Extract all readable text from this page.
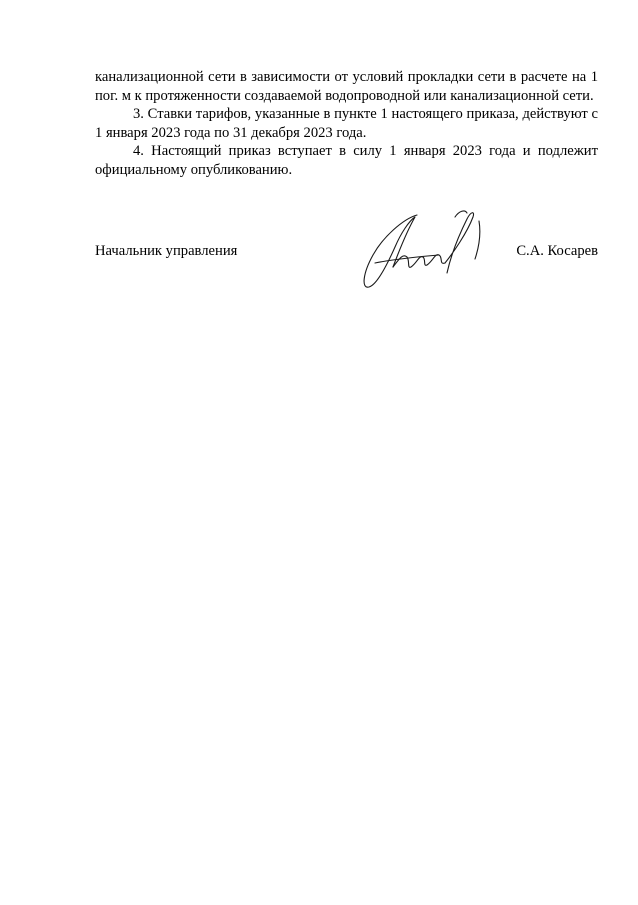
канализационной сети в зависимости от условий прокладки сети в расчете на 1 пог. м к протяженности создаваемой водопроводной или канализационной сети.

3. Ставки тарифов, указанные в пункте 1 настоящего приказа, действуют с 1 января 2023 года по 31 декабря 2023 года.

4. Настоящий приказ вступает в силу 1 января 2023 года и подлежит официальному опубликованию.

Начальник управления	С.А. Косарев
